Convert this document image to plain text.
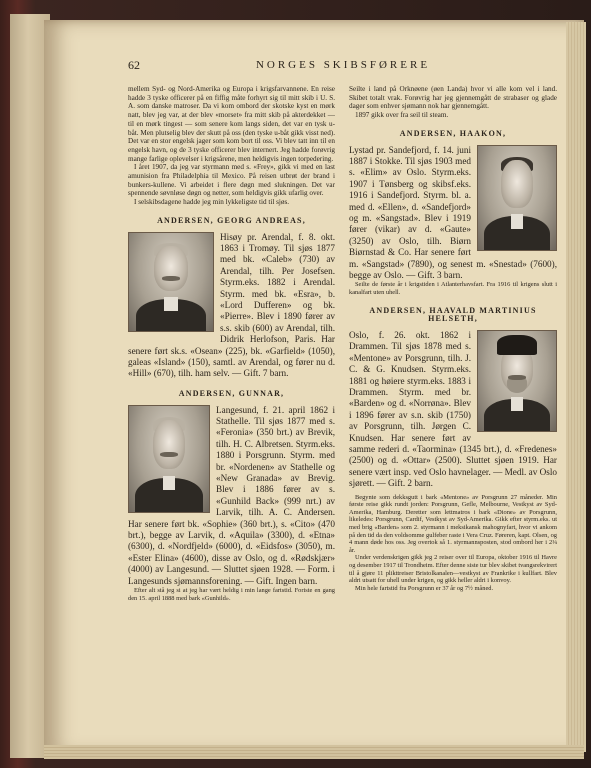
62	NORGES SKIBSFØRERE

mellem Syd- og Nord-Amerika og Europa i krigsfarvannene. En reise hadde 3 tyske officerer på en fiffig måte forhyrt sig til mitt skib i U. S. A. som danske matroser. Da vi kom ombord der skotske kyst en mørk natt, blev jeg var, at der blev «morset» fra mitt skib på akterdekket — til en mørk tingest — som senere kom langs siden, det var en tysk u-båt. Men plutselig blev der skutt på oss (den tyske u-båt gikk visst ned). Det var en stor engelsk jager som kom bort til oss. Vi blev tatt inn til en engelsk havn, og de 3 tyske officerer blev internert. Jeg hadde forøvrig mange farlige oplevelser i krigsårene, men heldigvis ingen torpedering.

I året 1907, da jeg var styrmann med s. «Frey», gikk vi med en last amunision fra Philadelphia til Mexico. På reisen utbrøt der brand i bunkers-kullene. Vi arbeidet i flere døgn med slukningen. Det var spennende søvnløse døgn og netter, som heldigvis gikk ufarlig over.

I selskibsdagene hadde jeg min lykkeligste tid til sjøs.

ANDERSEN, GEORG ANDREAS,

Hisøy pr. Arendal, f. 8. okt. 1863 i Tromøy. Til sjøs 1877 med bk. «Caleb» (730) av Arendal, tilh. Per Josefsen. Styrm.eks. 1882 i Arendal. Styrm. med bk. «Esra», b. «Lord Dufferen» og bk. «Pierre». Blev i 1890 fører av s.s. skib (600) av Arendal, tilh. Didrik Herlofson, Paris. Har senere ført sk.s. «Osean» (225), bk. «Garfield» (1050), galeas «Island» (150), samtl. av Arendal, og fører nu d. «Hill» (670), tilh. ham selv. — Gift. 7 barn.

ANDERSEN, GUNNAR,

Langesund, f. 21. april 1862 i Stathelle. Til sjøs 1877 med s. «Feronia» (350 brt.) av Brevik, tilh. H. C. Albretsen. Styrm.eks. 1880 i Porsgrunn. Styrm. med br. «Nordenen» av Stathelle og «New Granada» av Brevig. Blev i 1886 fører av s. «Gunhild Back» (999 nrt.) av Larvik, tilh. A. C. Andersen. Har senere ført bk. «Sophie» (360 brt.), s. «Cito» (470 brt.), begge av Larvik, d. «Aquila» (3300), d. «Etna» (6300), d. «Nordfjeld» (6000), d. «Eidsfos» (3050), m. «Ester Elina» (4600), disse av Oslo, og d. «Rødskjær» (4000) av Langesund. — Sluttet sjøen 1928. — Form. i Langesunds sjømannsforening. — Gift. Ingen barn.

Efter alt stå jeg si at jeg har vært heldig i min lange fartstid. Foriste en gang den 15. april 1888 med bark «Gunhild».

Seilte i land på Orknøene (øen Landa) hvor vi alle kom vel i land. Skibet totalt vrak. Forøvrig har jeg gjennemgått de strabaser og glade dager som enhver sjømann nok har gjennemgått.

1897 gikk over fra seil til steam.

ANDERSEN, HAAKON,

Lystad pr. Sandefjord, f. 14. juni 1887 i Stokke. Til sjøs 1903 med s. «Elim» av Oslo. Styrm.eks. 1907 i Tønsberg og skibsf.eks. 1916 i Sandefjord. Styrm. bl. a. med d. «Ellen», d. «Sandefjord» og m. «Sangstad». Blev i 1919 fører (vikar) av d. «Gaute» (3250) av Oslo, tilh. Biørn Biørnstad & Co. Har senere ført m. «Sangstad» (7890), og senest m. «Snestad» (7600), begge av Oslo. — Gift. 3 barn.

Seilte de første år i krigstiden i Atlanterhavsfart. Fra 1916 til krigens slutt i kanalfart uten uhell.

ANDERSEN, HAAVALD MARTINIUS HELSETH,

Oslo, f. 26. okt. 1862 i Drammen. Til sjøs 1878 med s. «Mentone» av Porsgrunn, tilh. J. C. & G. Knudsen. Styrm.eks. 1881 og høiere styrm.eks. 1883 i Drammen. Styrm. med br. «Barden» og d. «Norrøna». Blev i 1896 fører av s.n. skib (1750) av Porsgrunn, tilh. Jørgen C. Knudsen. Har senere ført av samme rederi d. «Taormina» (1345 brt.), d. «Fredenes» (2500) og d. «Ottar» (2500). Sluttet sjøen 1919. Har senere vært insp. ved Oslo havnelager. — Medl. av Oslo sjørett. — Gift. 2 barn.

Begynte som dekksgutt i bark «Mentone» av Porsgrunn 27 måneder. Min første reise gikk rundt jorden: Porsgrunn, Gefle, Melbourne, Vestkyst av Syd-Amerika, Hamburg. Deretter som lettmatros i bark «Dione» av Porsgrunn, likeledes: Porsgrunn, Cardif, Vestkyst av Syd-Amerika. Gikk efter styrm.eks. ut med brig «Barden» som 2. styrmann i meksikansk mahognyfart, hvor vi ankom på den tid da den voldsomme gulfeber raste i Vera Cruz. Føreren, kapt. Olsen, og 4 mann døde hos oss. Jeg overtok så 1. styrmannsposten, stod ombord her i 2¼ år.

Under verdenskrigen gikk jeg 2 reiser over til Europa, oktober 1916 til Havre og desember 1917 til Trondheim. Efter denne siste tur blev skibet tvangsrekvirert til å gjøre 11 plikttreiser Bristolkanalen—vestkyst av Frankrike i kullfart. Blev aldri utsatt for uhell under krigen, og gikk heller aldri i konvoy.

Min hele fartstid fra Porsgrunn er 37 år og 7½ måned.
